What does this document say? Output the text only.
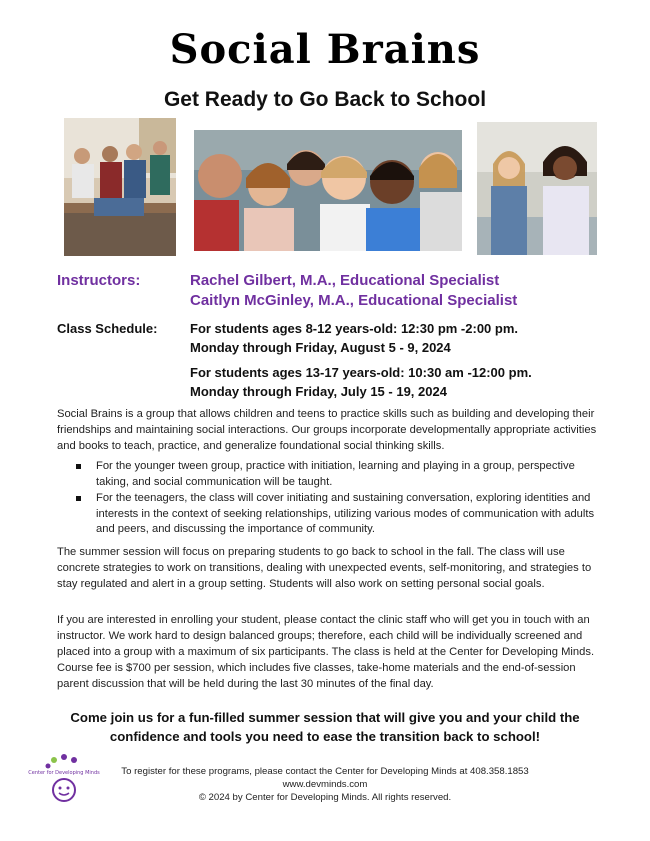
Social Brains
Get Ready to Go Back to School
Instructors:	Rachel Gilbert, M.A., Educational Specialist
Caitlyn McGinley, M.A., Educational Specialist
Class Schedule:	For students ages 8-12 years-old: 12:30 pm -2:00 pm.
Monday through Friday, August 5 - 9, 2024
For students ages 13-17 years-old: 10:30 am -12:00 pm.
Monday through Friday, July 15 - 19, 2024
Social Brains is a group that allows children and teens to practice skills such as building and developing their friendships and maintaining social interactions. Our groups incorporate developmentally appropriate activities and books to teach, practice, and generalize foundational social thinking skills.
For the younger tween group, practice with initiation, learning and playing in a group, perspective taking, and social communication will be taught.
For the teenagers, the class will cover initiating and sustaining conversation, exploring identities and interests in the context of seeking relationships, utilizing various modes of communication with adults and peers, and discussing the importance of community.
The summer session will focus on preparing students to go back to school in the fall. The class will use concrete strategies to work on transitions, dealing with unexpected events, self-monitoring, and strategies to stay regulated and alert in a group setting. Students will also work on setting personal social goals.
If you are interested in enrolling your student, please contact the clinic staff who will get you in touch with an instructor. We work hard to design balanced groups; therefore, each child will be individually screened and placed into a group with a maximum of six participants. The class is held at the Center for Developing Minds. Course fee is $700 per session, which includes five classes, take-home materials and the end-of-session parent discussion that will be held during the last 30 minutes of the final day.
Come join us for a fun-filled summer session that will give you and your child the confidence and tools you need to ease the transition back to school!
Center for Developing Minds	To register for these programs, please contact the Center for Developing Minds at 408.358.1853
www.devminds.com
© 2024 by Center for Developing Minds. All rights reserved.
